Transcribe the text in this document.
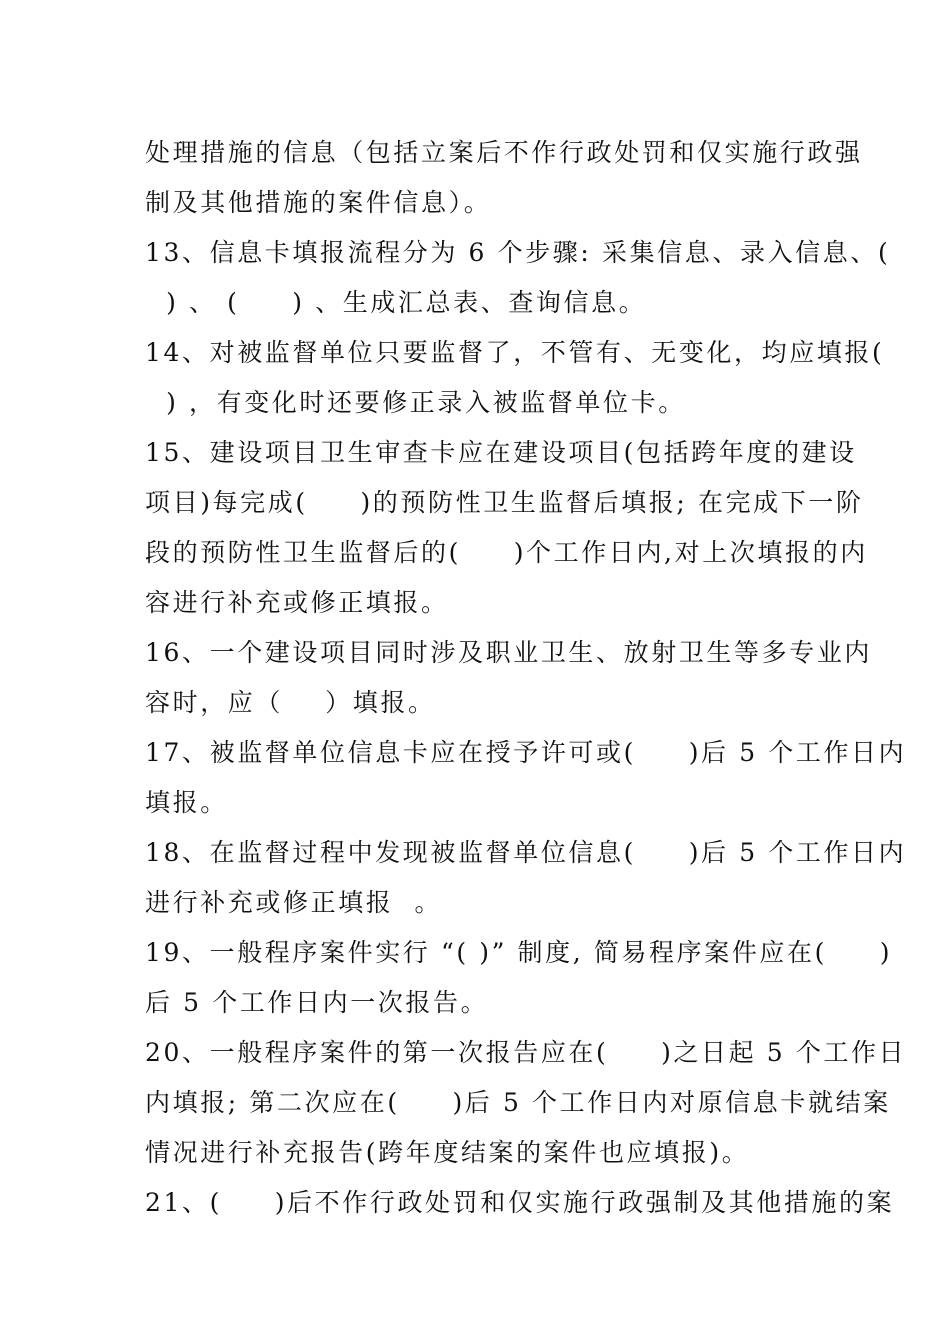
处理措施的信息（包括立案后不作行政处罚和仅实施行政强
制及其他措施的案件信息）。
13、信息卡填报流程分为 6 个步骤: 采集信息、录入信息、(
) 、 (     ) 、生成汇总表、查询信息。
14、对被监督单位只要监督了，不管有、无变化，均应填报(
) ，有变化时还要修正录入被监督单位卡。
15、建设项目卫生审查卡应在建设项目(包括跨年度的建设
项目)每完成(     )的预防性卫生监督后填报; 在完成下一阶
段的预防性卫生监督后的(     )个工作日内,对上次填报的内
容进行补充或修正填报。
16、一个建设项目同时涉及职业卫生、放射卫生等多专业内
容时，应（    ）填报。
17、被监督单位信息卡应在授予许可或(     )后 5 个工作日内
填报。
18、在监督过程中发现被监督单位信息(     )后 5 个工作日内
进行补充或修正填报  。
19、一般程序案件实行 “( )” 制度, 简易程序案件应在(     )
后 5 个工作日内一次报告。
20、一般程序案件的第一次报告应在(     )之日起 5 个工作日
内填报; 第二次应在(     )后 5 个工作日内对原信息卡就结案
情况进行补充报告(跨年度结案的案件也应填报)。
21、(     )后不作行政处罚和仅实施行政强制及其他措施的案
